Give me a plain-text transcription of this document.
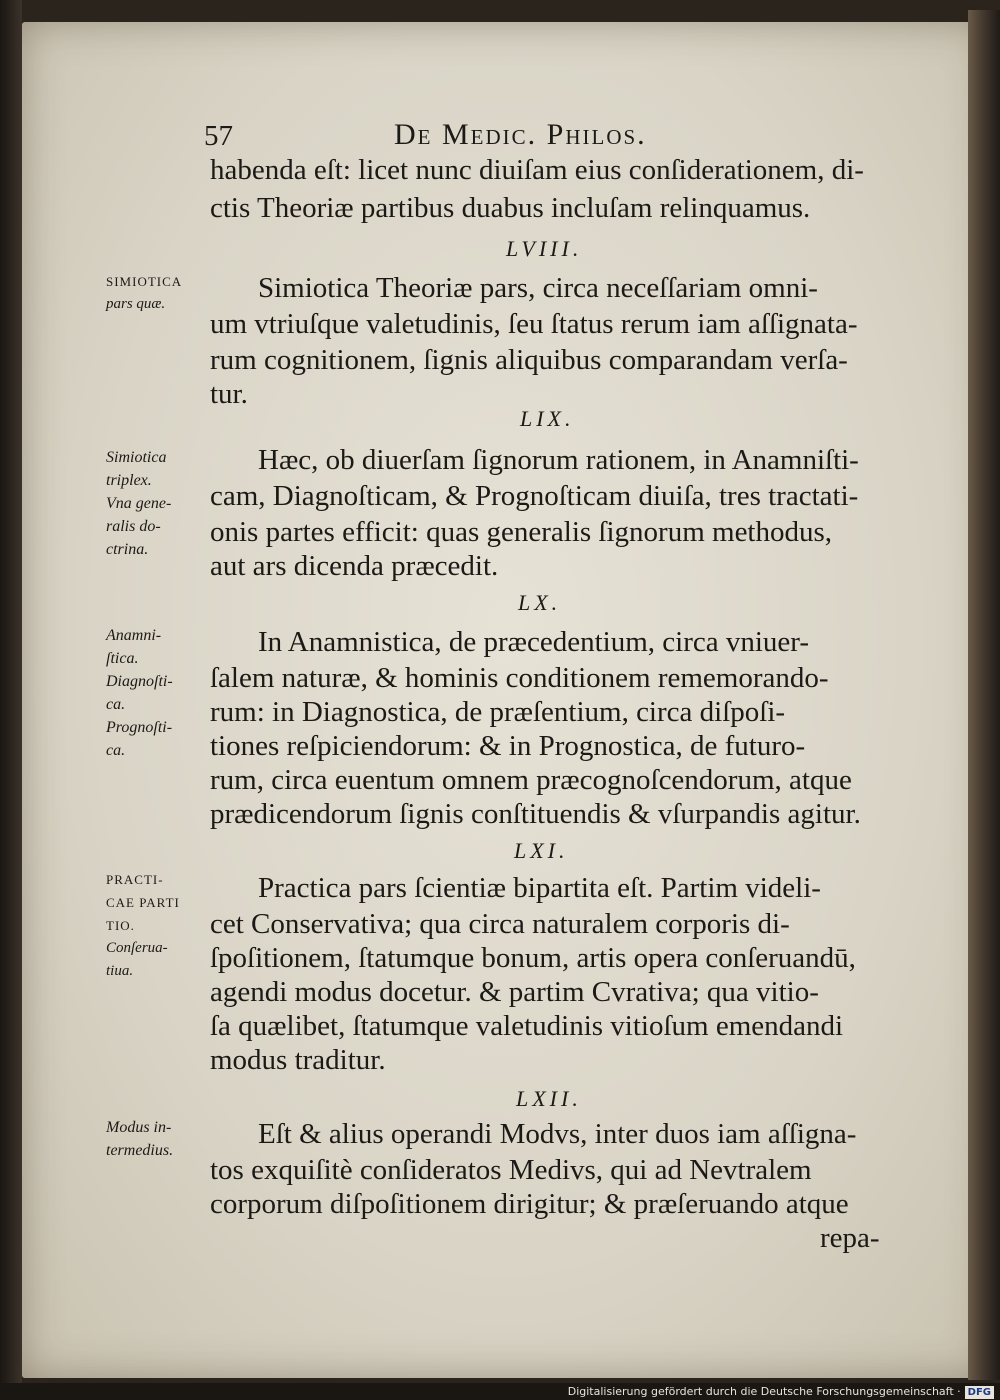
57	De Medic. Philos.
habenda eſt: licet nunc diuiſam eius conſiderationem, di-
ctis Theoriæ partibus duabus incluſam relinquamus.
LVIII.
Simiotica Theoriæ pars, circa neceſſariam omni-
um vtriuſque valetudinis, ſeu ſtatus rerum iam aſſignata-
rum cognitionem, ſignis aliquibus comparandam verſa-
tur.
LIX.
Hæc, ob diuerſam ſignorum rationem, in Anamniſti-
cam, Diagnoſticam, & Prognoſticam diuiſa, tres tractati-
onis partes efficit: quas generalis ſignorum methodus,
aut ars dicenda præcedit.
LX.
In Anamnistica, de præcedentium, circa vniuer-
ſalem naturæ, & hominis conditionem rememorando-
rum: in Diagnostica, de præſentium, circa diſpoſi-
tiones reſpiciendorum: & in Prognostica, de futuro-
rum, circa euentum omnem præcognoſcendorum, atque
prædicendorum ſignis conſtituendis & vſurpandis agitur.
LXI.
Practica pars ſcientiæ bipartita eſt. Partim videli-
cet Conservativa; qua circa naturalem corporis di-
ſpoſitionem, ſtatumque bonum, artis opera conſeruandū,
agendi modus docetur. & partim Cvrativa; qua vitio-
ſa quælibet, ſtatumque valetudinis vitioſum emendandi
modus traditur.
LXII.
Eſt & alius operandi Modvs, inter duos iam aſſigna-
tos exquiſitè conſideratos Medivs, qui ad Nevtralem
corporum diſpoſitionem dirigitur; & præſeruando atque
repa-
SIMIOTICA
pars quæ.
Simiotica
triplex.
Vna gene-
ralis do-
ctrina.
Anamni-
ſtica.
Diagnoſti-
ca.
Prognoſti-
ca.
PRACTI-
CAE PARTI
TIO.
Conſerua-
tiua.
Modus in-
termedius.
Digitalisierung gefördert durch die Deutsche Forschungsgemeinschaft · DFG
